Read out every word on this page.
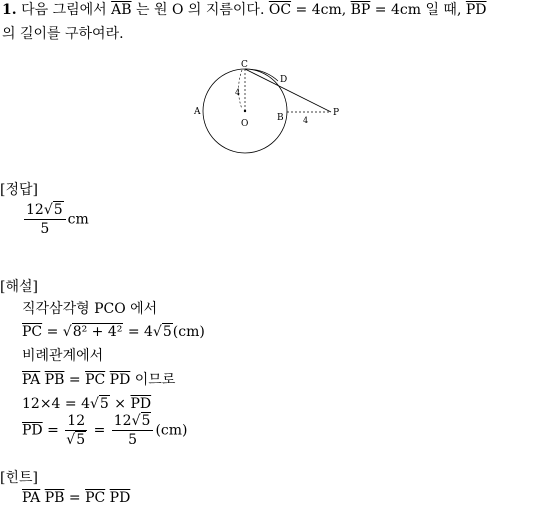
1. 다음 그림에서 $\overline{AB}$ 는 원 O 의 지름이다. $\overline{OC} = 4cm$, $\overline{BP} = 4cm$ 일 때, $\overline{PD}$
의 길이를 구하여라.
A
B
C
D
O
P
4
4
[정답]
$\frac{12√5}{5}$ cm
[해설]
직각삼각형 PCO 에서
$\overline{PC} = √8^2 + 4^2 = 4√5(cm)$
비례관계에서
$\overline{PA}$ $\overline{PB} = \overline{PC}$ $\overline{PD}$ 이므로
$12\times 4 = 4√5 \times \overline{PD}$
$\overline{PD} = \frac{12}{√5} = \frac{12√5}{5} (cm)$
[힌트]
$\overline{PA}$ $\overline{PB} = \overline{PC}$ $\overline{PD}$
